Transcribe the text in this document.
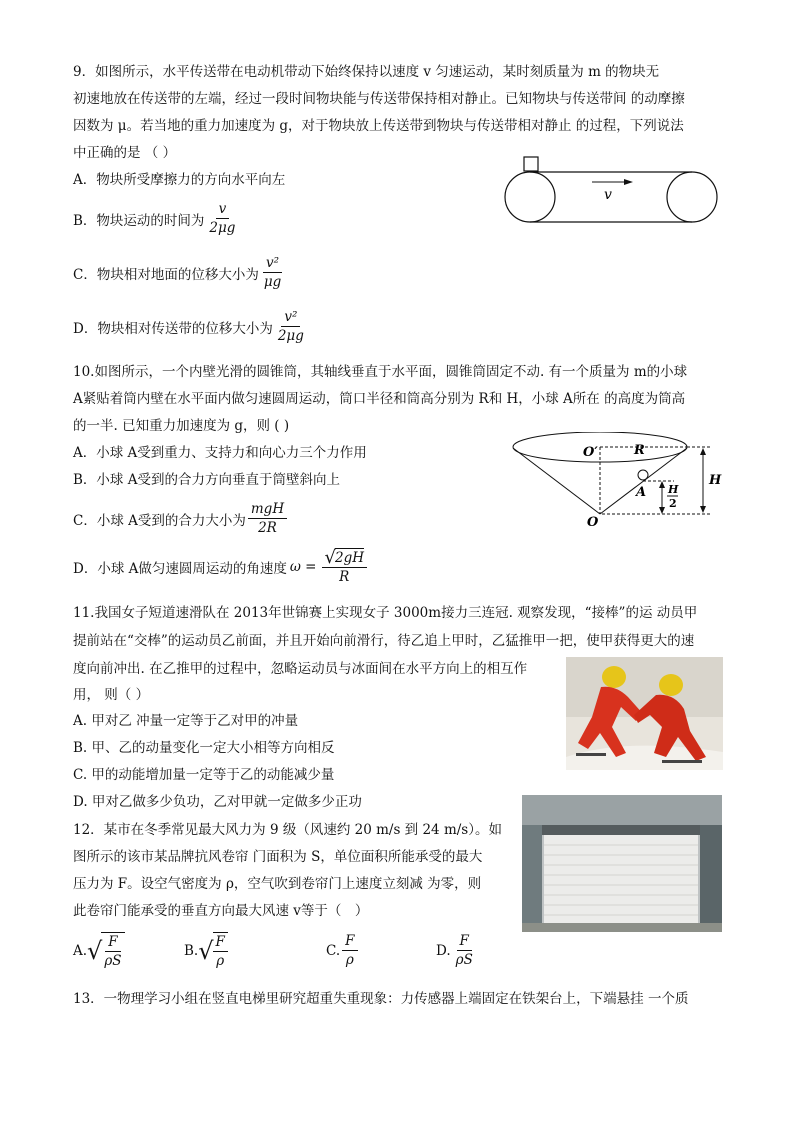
9．如图所示，水平传送带在电动机带动下始终保持以速度 v 匀速运动，某时刻质量为 m 的物块无
初速地放在传送带的左端，经过一段时间物块能与传送带保持相对静止。已知物块与传送带间 的动摩擦
因数为 μ。若当地的重力加速度为 g，对于物块放上传送带到物块与传送带相对静止 的过程，下列说法
中正确的是 （ ）
A．物块所受摩擦力的方向水平向左
B．物块运动的时间为 $\frac{v}{2\mu g}$
C．物块相对地面的位移大小为 $\frac{\text{v²}}{\mu g}$
D．物块相对传送带的位移大小为 $\frac{\text{v²}}{2\mu g}$
v
10.如图所示，一个内壁光滑的圆锥筒，其轴线垂直于水平面，圆锥筒固定不动. 有一个质量为 m的小球
A紧贴着筒内壁在水平面内做匀速圆周运动，筒口半径和筒高分别为 R和 H，小球 A所在 的高度为筒高
的一半. 已知重力加速度为 g，则 ( )
A．小球 A受到重力、支持力和向心力三个力作用
B．小球 A受到的合力方向垂直于筒壁斜向上
C．小球 A受到的合力大小为 $\frac{\text{mgH}}{2R}$
D．小球 A做匀速圆周运动的角速度 $\omega = \frac{√ 2gH}{R}$
O′	R
A
H
H
2
O
11.我国女子短道速滑队在 2013年世锦赛上实现女子 3000m接力三连冠. 观察发现，“接棒”的运 动员甲
提前站在“交棒”的运动员乙前面，并且开始向前滑行，待乙追上甲时，乙猛推甲一把，使甲获得更大的速
度向前冲出. 在乙推甲的过程中，忽略运动员与冰面间在水平方向上的相互作
用， 则（ ）
A. 甲对乙 冲量一定等于乙对甲的冲量
B. 甲、乙的动量变化一定大小相等方向相反
C. 甲的动能增加量一定等于乙的动能减少量
D. 甲对乙做多少负功，乙对甲就一定做多少正功
12．某市在冬季常见最大风力为 9 级（风速约 20 m/s 到 24 m/s）。如
图所示的该市某品牌抗风卷帘 门面积为 S，单位面积所能承受的最大
压力为 F。设空气密度为 ρ，空气吹到卷帘门上速度立刻减 为零，则
此卷帘门能承受的垂直方向最大风速 v等于（　）
A. √ $\frac{F}{\rho S}$	B. √ $\frac{F}{\rho}$	C. $\frac{F}{\rho}$	D. $\frac{F}{\rho S}$
13．一物理学习小组在竖直电梯里研究超重失重现象：力传感器上端固定在铁架台上，下端悬挂 一个质
